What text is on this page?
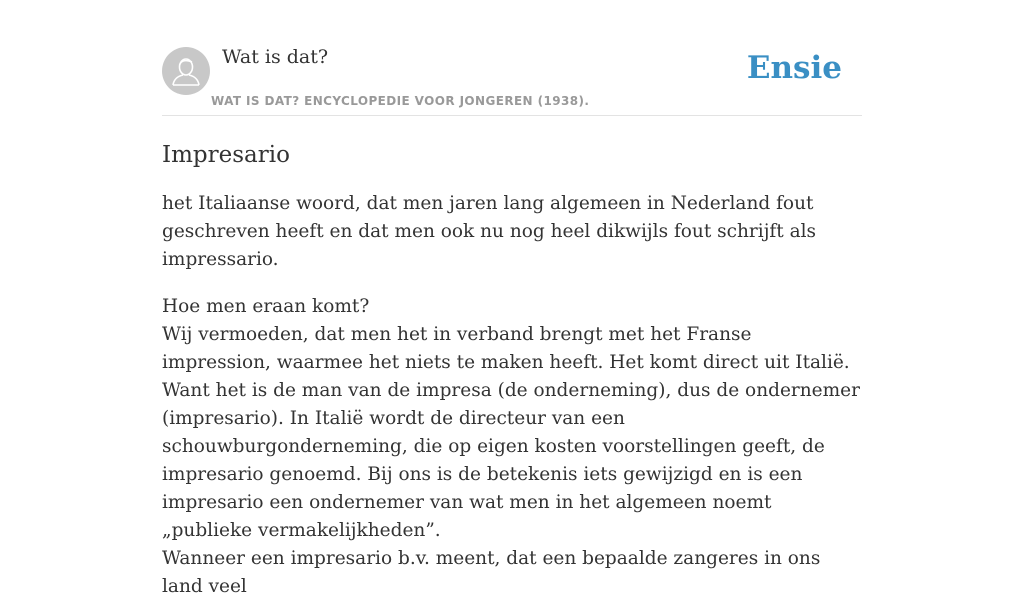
Wat is dat?
WAT IS DAT? ENCYCLOPEDIE VOOR JONGEREN (1938).
Ensie
Impresario

het Italiaanse woord, dat men jaren lang algemeen in Nederland fout geschreven heeft en dat men ook nu nog heel dikwijls fout schrijft als impressario.

Hoe men eraan komt?
Wij vermoeden, dat men het in verband brengt met het Franse impression, waarmee het niets te maken heeft. Het komt direct uit Italië. Want het is de man van de impresa (de onderneming), dus de ondernemer (impresario). In Italië wordt de directeur van een schouwburgonderneming, die op eigen kosten voorstellingen geeft, de impresario genoemd. Bij ons is de betekenis iets gewijzigd en is een impresario een ondernemer van wat men in het algemeen noemt „publieke vermakelijkheden”.
Wanneer een impresario b.v. meent, dat een bepaalde zangeres in ons land veel
